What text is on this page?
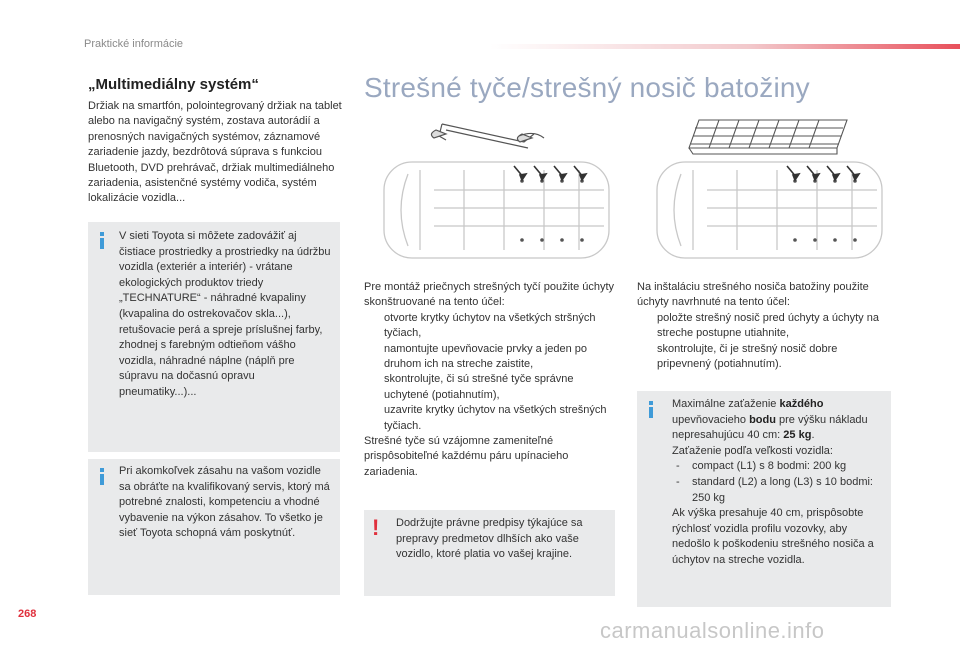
Praktické informácie
„Multimediálny systém“
Držiak na smartfón, polointegrovaný držiak na tablet alebo na navigačný systém, zostava autorádií a prenosných navigačných systémov, záznamové zariadenie jazdy, bezdrôtová súprava s funkciou Bluetooth, DVD prehrávač, držiak multimediálneho zariadenia, asistenčné systémy vodiča, systém lokalizácie vozidla...
V sieti Toyota si môžete zadovážiť aj čistiace prostriedky a prostriedky na údržbu vozidla (exteriér a interiér) - vrátane ekologických produktov triedy „TECHNATURE“ - náhradné kvapaliny (kvapalina do ostrekovačov skla...), retušovacie perá a spreje príslušnej farby, zhodnej s farebným odtieňom vášho vozidla, náhradné náplne (náplň pre súpravu na dočasnú opravu pneumatiky...)...
Pri akomkoľvek zásahu na vašom vozidle sa obráťte na kvalifikovaný servis, ktorý má potrebné znalosti, kompetenciu a vhodné vybavenie na výkon zásahov. To všetko je sieť Toyota schopná vám poskytnúť.
Strešné tyče/strešný nosič batožiny
Pre montáž priečnych strešných tyčí použite úchyty skonštruované na tento účel:
otvorte krytky úchytov na všetkých stršných tyčiach,
namontujte upevňovacie prvky a jeden po druhom ich na streche zaistite,
skontrolujte, či sú strešné tyče správne uchytené (potiahnutím),
uzavrite krytky úchytov na všetkých strešných tyčiach.
Strešné tyče sú vzájomne zameniteľné prispôsobiteľné každému páru upínacieho zariadenia.
! Dodržujte právne predpisy týkajúce sa prepravy predmetov dlhších ako vaše vozidlo, ktoré platia vo vašej krajine.
Na inštaláciu strešného nosiča batožiny použite úchyty navrhnuté na tento účel:
položte strešný nosič pred úchyty a úchyty na streche postupne utiahnite,
skontrolujte, či je strešný nosič dobre pripevnený (potiahnutím).
Maximálne zaťaženie každého
upevňovacieho bodu pre výšku nákladu
nepresahujúcu 40 cm: 25 kg.
Zaťaženie podľa veľkosti vozidla:
- compact (L1) s 8 bodmi: 200 kg
- standard (L2) a long (L3) s 10 bodmi: 250 kg
Ak výška presahuje 40 cm, prispôsobte rýchlosť vozidla profilu vozovky, aby nedošlo k poškodeniu strešného nosiča a úchytov na streche vozidla.
268
carmanualsonline.info
